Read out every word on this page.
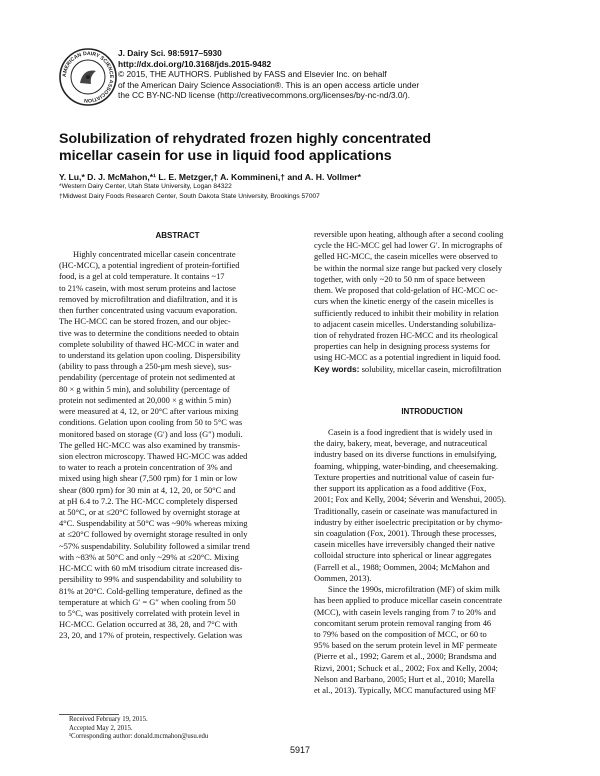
AMERICAN DAIRY SCIENCE ASSOCIATION
J. Dairy Sci. 98:5917–5930
http://dx.doi.org/10.3168/jds.2015-9482
© 2015, THE AUTHORS. Published by FASS and Elsevier Inc. on behalf
of the American Dairy Science Association®. This is an open access article under
the CC BY-NC-ND license (http://creativecommons.org/licenses/by-nc-nd/3.0/).
Solubilization of rehydrated frozen highly concentrated
micellar casein for use in liquid food applications
Y. Lu,* D. J. McMahon,*¹ L. E. Metzger,† A. Kommineni,† and A. H. Vollmer*
*Western Dairy Center, Utah State University, Logan 84322
†Midwest Dairy Foods Research Center, South Dakota State University, Brookings 57007
ABSTRACT
Highly concentrated micellar casein concentrate
(HC-MCC), a potential ingredient of protein-fortified
food, is a gel at cold temperature. It contains ~17
to 21% casein, with most serum proteins and lactose
removed by microfiltration and diafiltration, and it is
then further concentrated using vacuum evaporation.
The HC-MCC can be stored frozen, and our objec-
tive was to determine the conditions needed to obtain
complete solubility of thawed HC-MCC in water and
to understand its gelation upon cooling. Dispersibility
(ability to pass through a 250-μm mesh sieve), sus-
pendability (percentage of protein not sedimented at
80 × g within 5 min), and solubility (percentage of
protein not sedimented at 20,000 × g within 5 min)
were measured at 4, 12, or 20°C after various mixing
conditions. Gelation upon cooling from 50 to 5°C was
monitored based on storage (G′) and loss (G″) moduli.
The gelled HC-MCC was also examined by transmis-
sion electron microscopy. Thawed HC-MCC was added
to water to reach a protein concentration of 3% and
mixed using high shear (7,500 rpm) for 1 min or low
shear (800 rpm) for 30 min at 4, 12, 20, or 50°C and
at pH 6.4 to 7.2. The HC-MCC completely dispersed
at 50°C, or at ≤20°C followed by overnight storage at
4°C. Suspendability at 50°C was ~90% whereas mixing
at ≤20°C followed by overnight storage resulted in only
~57% suspendability. Solubility followed a similar trend
with ~83% at 50°C and only ~29% at ≤20°C. Mixing
HC-MCC with 60 mM trisodium citrate increased dis-
persibility to 99% and suspendability and solubility to
81% at 20°C. Cold-gelling temperature, defined as the
temperature at which G′ = G″ when cooling from 50
to 5°C, was positively correlated with protein level in
HC-MCC. Gelation occurred at 38, 28, and 7°C with
23, 20, and 17% of protein, respectively. Gelation was
reversible upon heating, although after a second cooling
cycle the HC-MCC gel had lower G′. In micrographs of
gelled HC-MCC, the casein micelles were observed to
be within the normal size range but packed very closely
together, with only ~20 to 50 nm of space between
them. We proposed that cold-gelation of HC-MCC oc-
curs when the kinetic energy of the casein micelles is
sufficiently reduced to inhibit their mobility in relation
to adjacent casein micelles. Understanding solubiliza-
tion of rehydrated frozen HC-MCC and its rheological
properties can help in designing process systems for
using HC-MCC as a potential ingredient in liquid food.

Key words: solubility, micellar casein, microfiltration

INTRODUCTION
Casein is a food ingredient that is widely used in
the dairy, bakery, meat, beverage, and nutraceutical
industry based on its diverse functions in emulsifying,
foaming, whipping, water-binding, and cheesemaking.
Texture properties and nutritional value of casein fur-
ther support its application as a food additive (Fox,
2001; Fox and Kelly, 2004; Séverin and Wenshui, 2005).
Traditionally, casein or caseinate was manufactured in
industry by either isoelectric precipitation or by chymo-
sin coagulation (Fox, 2001). Through these processes,
casein micelles have irreversibly changed their native
colloidal structure into spherical or linear aggregates
(Farrell et al., 1988; Oommen, 2004; McMahon and
Oommen, 2013).
Since the 1990s, microfiltration (MF) of skim milk
has been applied to produce micellar casein concentrate
(MCC), with casein levels ranging from 7 to 20% and
concomitant serum protein removal ranging from 46
to 79% based on the composition of MCC, or 60 to
95% based on the serum protein level in MF permeate
(Pierre et al., 1992; Garem et al., 2000; Brandsma and
Rizvi, 2001; Schuck et al., 2002; Fox and Kelly, 2004;
Nelson and Barbano, 2005; Hurt et al., 2010; Marella
et al., 2013). Typically, MCC manufactured using MF
Received February 19, 2015.
Accepted May 2, 2015.
¹Corresponding author: donald.mcmahon@usu.edu
5917
